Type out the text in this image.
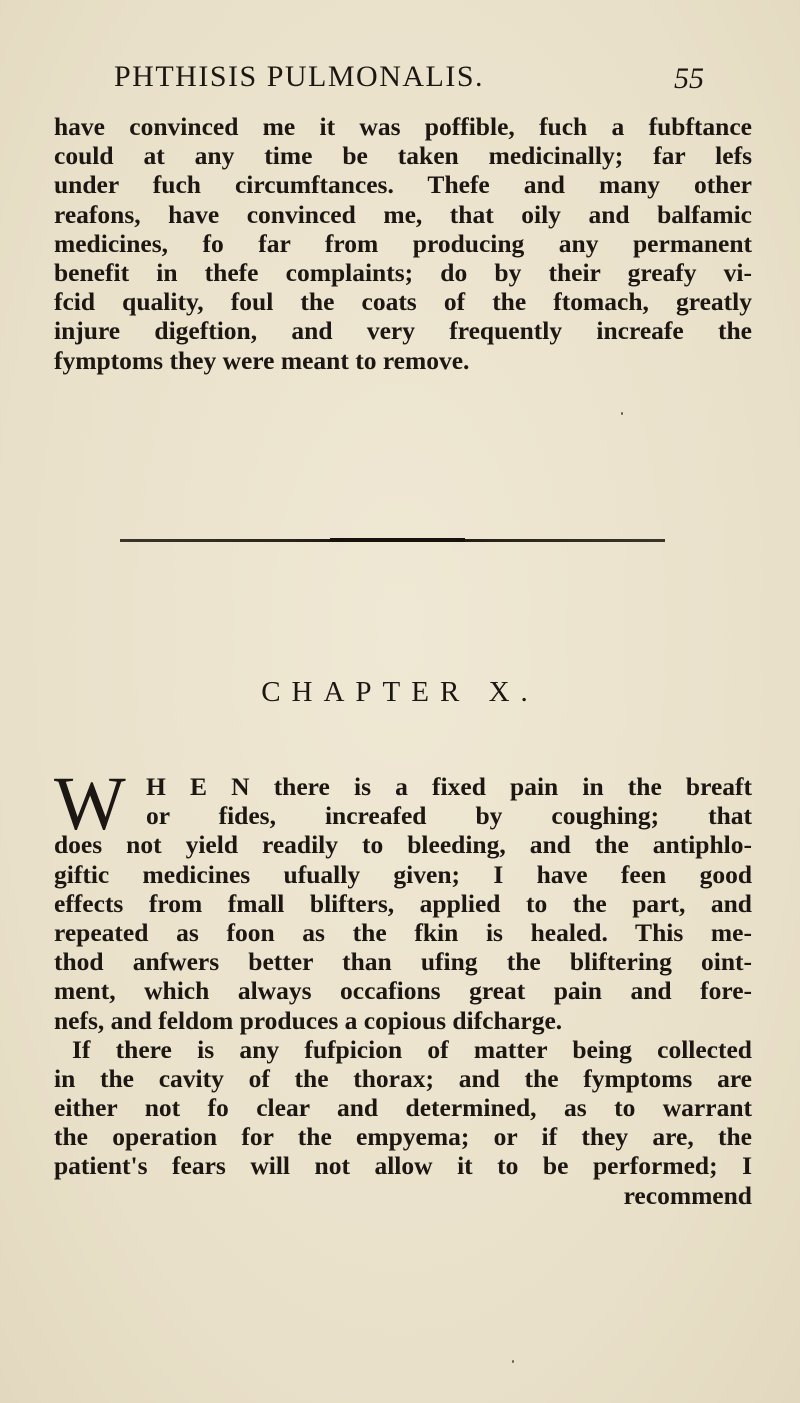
PHTHISIS PULMONALIS.	55
have convinced me it was poffible, fuch a fubftance
could at any time be taken medicinally; far lefs
under fuch circumftances. Thefe and many other
reafons, have convinced me, that oily and balfamic
medicines, fo far from producing any permanent
benefit in thefe complaints; do by their greafy vi-
fcid quality, foul the coats of the ftomach, greatly
injure digeftion, and very frequently increafe the
fymptoms they were meant to remove.
CHAPTER X.
W H E N there is a fixed pain in the breaft
or fides, increafed by coughing; that
does not yield readily to bleeding, and the antiphlo-
giftic medicines ufually given; I have feen good
effects from fmall blifters, applied to the part, and
repeated as foon as the fkin is healed. This me-
thod anfwers better than ufing the bliftering oint-
ment, which always occafions great pain and fore-
nefs, and feldom produces a copious difcharge.
If there is any fufpicion of matter being collected
in the cavity of the thorax; and the fymptoms are
either not fo clear and determined, as to warrant
the operation for the empyema; or if they are, the
patient's fears will not allow it to be performed; I
recommend
